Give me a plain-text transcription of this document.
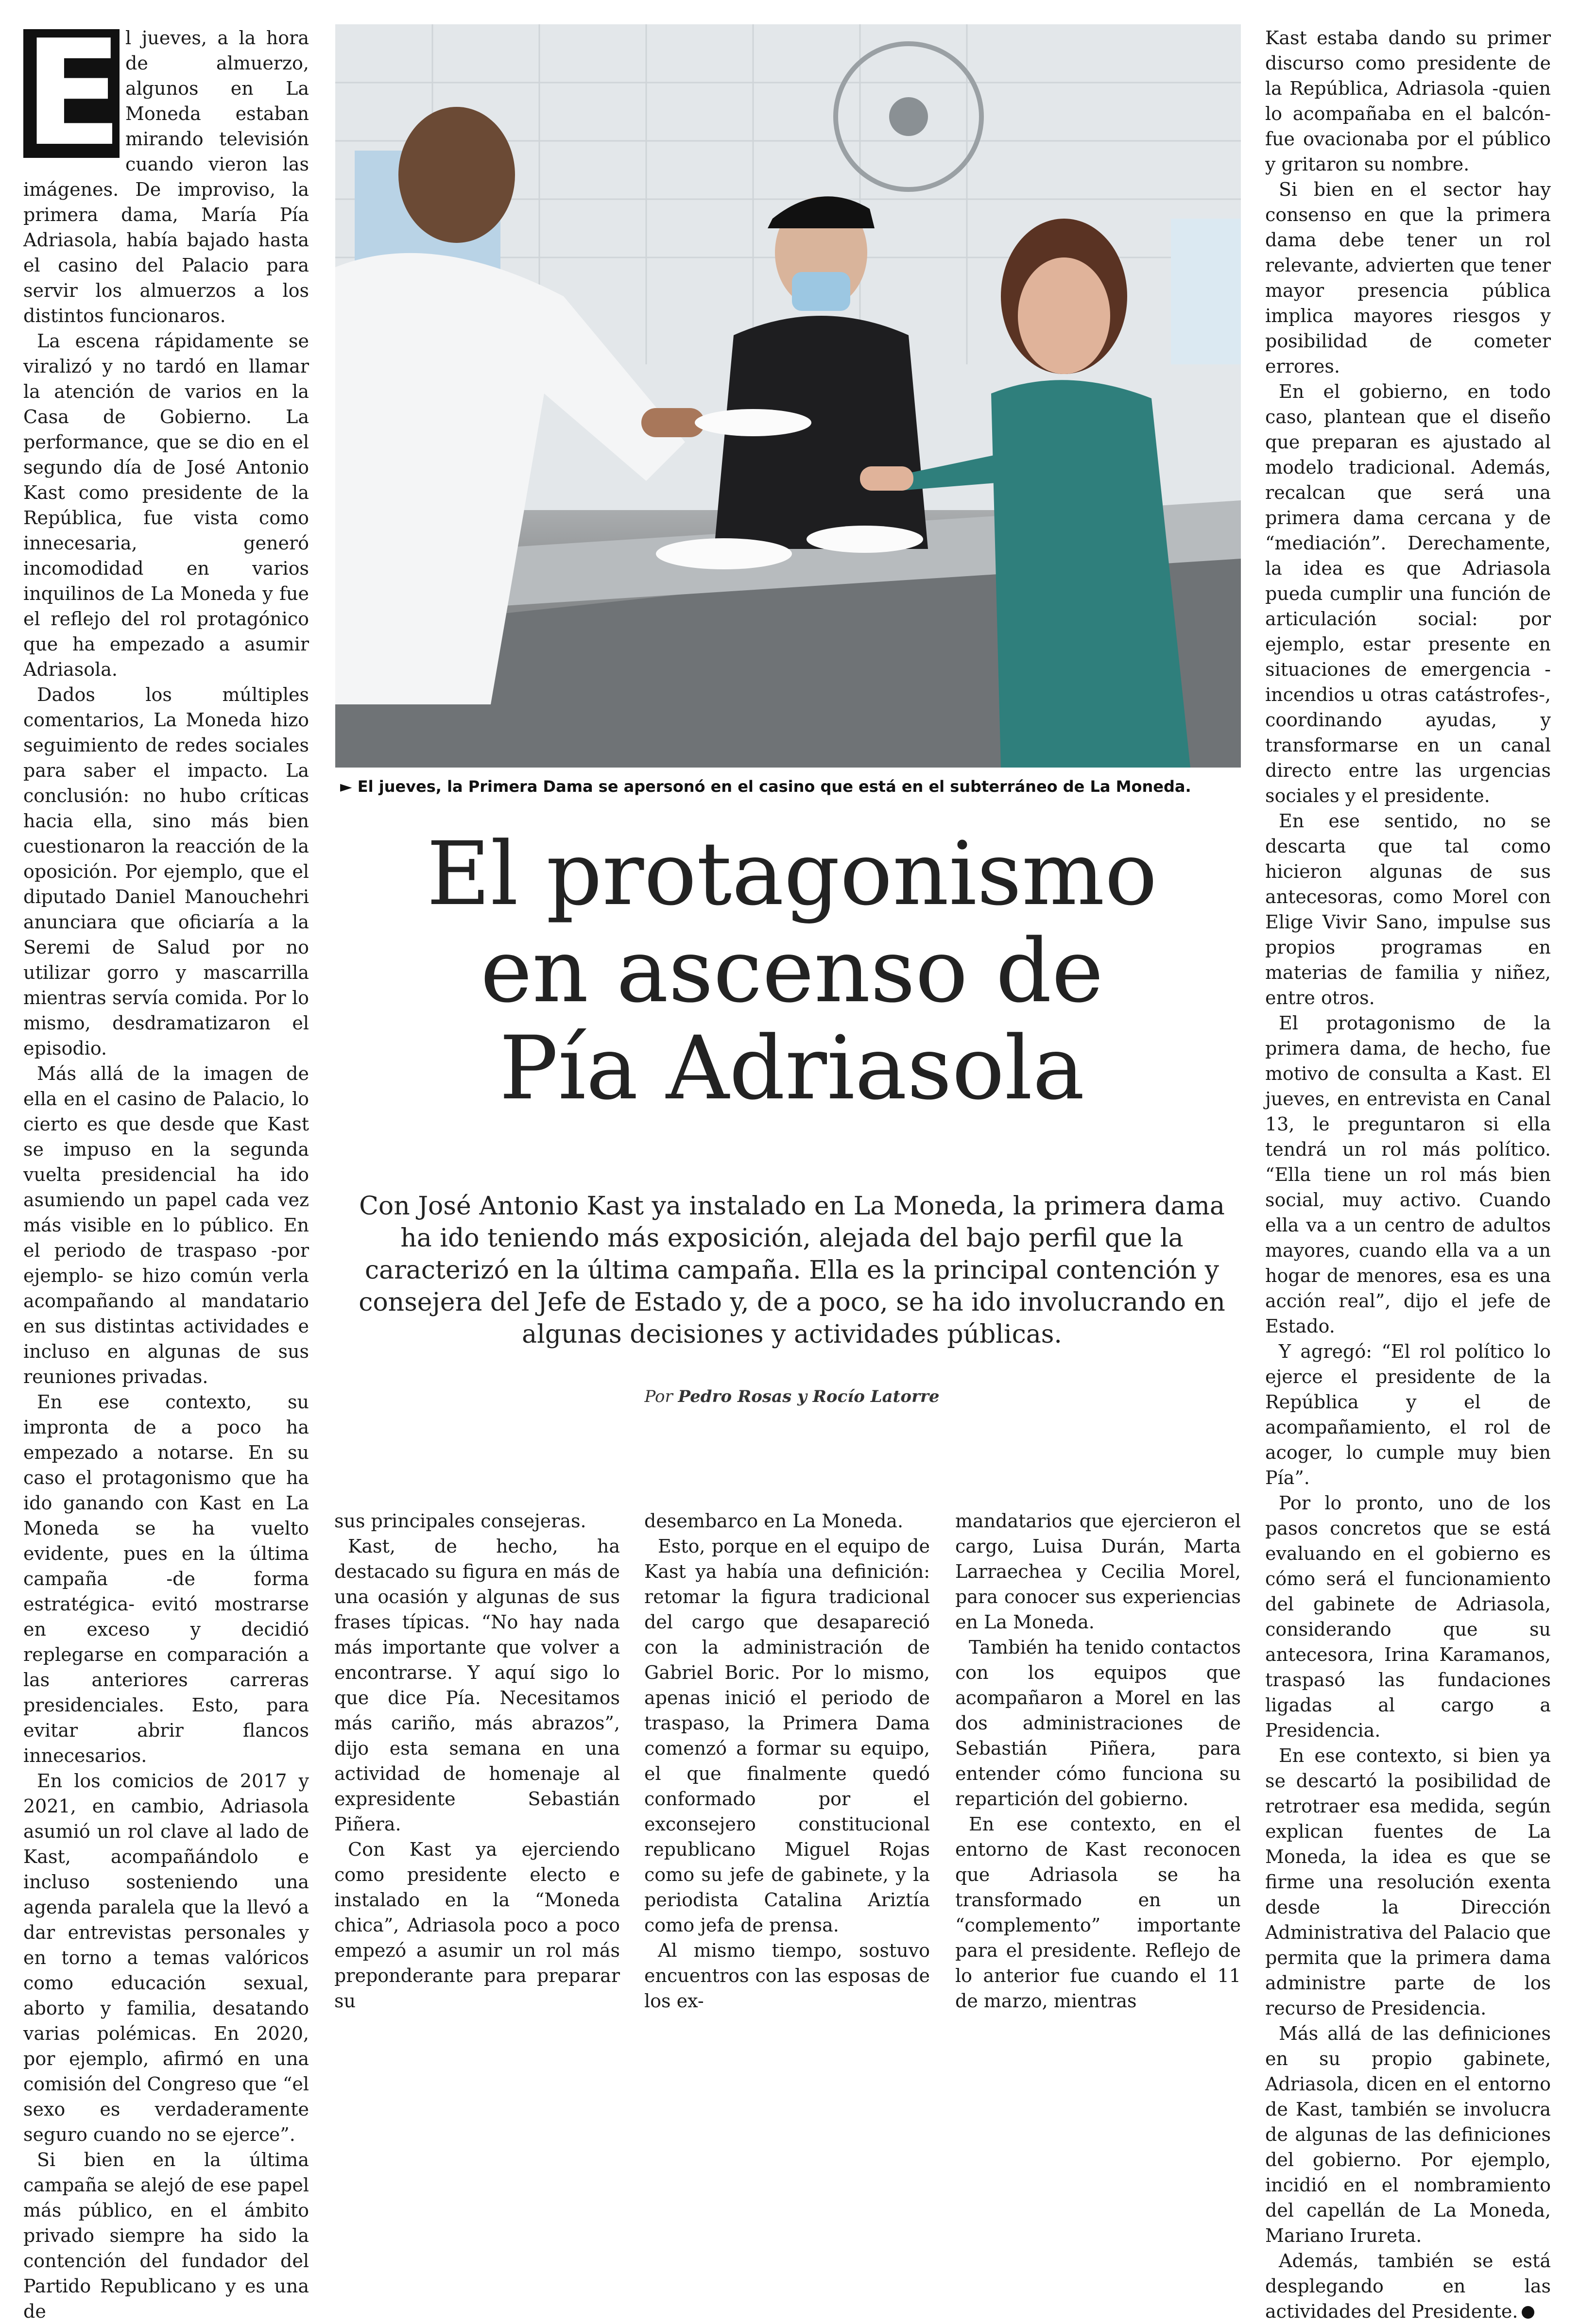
E l jueves, a la hora de almuerzo, algunos en La Moneda estaban mirando televisión cuando vieron las imágenes. De improviso, la primera dama, María Pía Adriasola, había bajado hasta el casino del Palacio para servir los almuerzos a los distintos funcionaros.

La escena rápidamente se viralizó y no tardó en llamar la atención de varios en la Casa de Gobierno. La performance, que se dio en el segundo día de José Antonio Kast como presidente de la República, fue vista como innecesaria, generó incomodidad en varios inquilinos de La Moneda y fue el reflejo del rol protagónico que ha empezado a asumir Adriasola.

Dados los múltiples comentarios, La Moneda hizo seguimiento de redes sociales para saber el impacto. La conclusión: no hubo críticas hacia ella, sino más bien cuestionaron la reacción de la oposición. Por ejemplo, que el diputado Daniel Manouchehri anunciara que oficiaría a la Seremi de Salud por no utilizar gorro y mascarrilla mientras servía comida. Por lo mismo, desdramatizaron el episodio.

Más allá de la imagen de ella en el casino de Palacio, lo cierto es que desde que Kast se impuso en la segunda vuelta presidencial ha ido asumiendo un papel cada vez más visible en lo público. En el periodo de traspaso -por ejemplo- se hizo común verla acompañando al mandatario en sus distintas actividades e incluso en algunas de sus reuniones privadas.

En ese contexto, su impronta de a poco ha empezado a notarse. En su caso el protagonismo que ha ido ganando con Kast en La Moneda se ha vuelto evidente, pues en la última campaña -de forma estratégica- evitó mostrarse en exceso y decidió replegarse en comparación a las anteriores carreras presidenciales. Esto, para evitar abrir flancos innecesarios.

En los comicios de 2017 y 2021, en cambio, Adriasola asumió un rol clave al lado de Kast, acompañándolo e incluso sosteniendo una agenda paralela que la llevó a dar entrevistas personales y en torno a temas valóricos como educación sexual, aborto y familia, desatando varias polémicas. En 2020, por ejemplo, afirmó en una comisión del Congreso que “el sexo es verdaderamente seguro cuando no se ejerce”.

Si bien en la última campaña se alejó de ese papel más público, en el ámbito privado siempre ha sido la contención del fundador del Partido Republicano y es una de

► El jueves, la Primera Dama se apersonó en el casino que está en el subterráneo de La Moneda.
El protagonismo
en ascenso de
Pía Adriasola
Con José Antonio Kast ya instalado en La Moneda, la primera dama ha ido teniendo más exposición, alejada del bajo perfil que la caracterizó en la última campaña. Ella es la principal contención y consejera del Jefe de Estado y, de a poco, se ha ido involucrando en algunas decisiones y actividades públicas.
Por Pedro Rosas y Rocío Latorre

sus principales consejeras.

Kast, de hecho, ha destacado su figura en más de una ocasión y algunas de sus frases típicas. “No hay nada más importante que volver a encontrarse. Y aquí sigo lo que dice Pía. Necesitamos más cariño, más abrazos”, dijo esta semana en una actividad de homenaje al expresidente Sebastián Piñera.

Con Kast ya ejerciendo como presidente electo e instalado en la “Moneda chica”, Adriasola poco a poco empezó a asumir un rol más preponderante para preparar su

desembarco en La Moneda.

Esto, porque en el equipo de Kast ya había una definición: retomar la figura tradicional del cargo que desapareció con la administración de Gabriel Boric. Por lo mismo, apenas inició el periodo de traspaso, la Primera Dama comenzó a formar su equipo, el que finalmente quedó conformado por el exconsejero constitucional republicano Miguel Rojas como su jefe de gabinete, y la periodista Catalina Ariztía como jefa de prensa.

Al mismo tiempo, sostuvo encuentros con las esposas de los ex-

mandatarios que ejercieron el cargo, Luisa Durán, Marta Larraechea y Cecilia Morel, para conocer sus experiencias en La Moneda.

También ha tenido contactos con los equipos que acompañaron a Morel en las dos administraciones de Sebastián Piñera, para entender cómo funciona su repartición del gobierno.

En ese contexto, en el entorno de Kast reconocen que Adriasola se ha transformado en un “complemento” importante para el presidente. Reflejo de lo anterior fue cuando el 11 de marzo, mientras

Kast estaba dando su primer discurso como presidente de la República, Adriasola -quien lo acompañaba en el balcón- fue ovacionaba por el público y gritaron su nombre.

Si bien en el sector hay consenso en que la primera dama debe tener un rol relevante, advierten que tener mayor presencia pública implica mayores riesgos y posibilidad de cometer errores.

En el gobierno, en todo caso, plantean que el diseño que preparan es ajustado al modelo tradicional. Además, recalcan que será una primera dama cercana y de “mediación”. Derechamente, la idea es que Adriasola pueda cumplir una función de articulación social: por ejemplo, estar presente en situaciones de emergencia -incendios u otras catástrofes-, coordinando ayudas, y transformarse en un canal directo entre las urgencias sociales y el presidente.

En ese sentido, no se descarta que tal como hicieron algunas de sus antecesoras, como Morel con Elige Vivir Sano, impulse sus propios programas en materias de familia y niñez, entre otros.

El protagonismo de la primera dama, de hecho, fue motivo de consulta a Kast. El jueves, en entrevista en Canal 13, le preguntaron si ella tendrá un rol más político. “Ella tiene un rol más bien social, muy activo. Cuando ella va a un centro de adultos mayores, cuando ella va a un hogar de menores, esa es una acción real”, dijo el jefe de Estado.

Y agregó: “El rol político lo ejerce el presidente de la República y el de acompañamiento, el rol de acoger, lo cumple muy bien Pía”.

Por lo pronto, uno de los pasos concretos que se está evaluando en el gobierno es cómo será el funcionamiento del gabinete de Adriasola, considerando que su antecesora, Irina Karamanos, traspasó las fundaciones ligadas al cargo a Presidencia.

En ese contexto, si bien ya se descartó la posibilidad de retrotraer esa medida, según explican fuentes de La Moneda, la idea es que se firme una resolución exenta desde la Dirección Administrativa del Palacio que permita que la primera dama administre parte de los recurso de Presidencia.

Más allá de las definiciones en su propio gabinete, Adriasola, dicen en el entorno de Kast, también se involucra de algunas de las definiciones del gobierno. Por ejemplo, incidió en el nombramiento del capellán de La Moneda, Mariano Irureta.

Además, también se está desplegando en las actividades del Presidente.
